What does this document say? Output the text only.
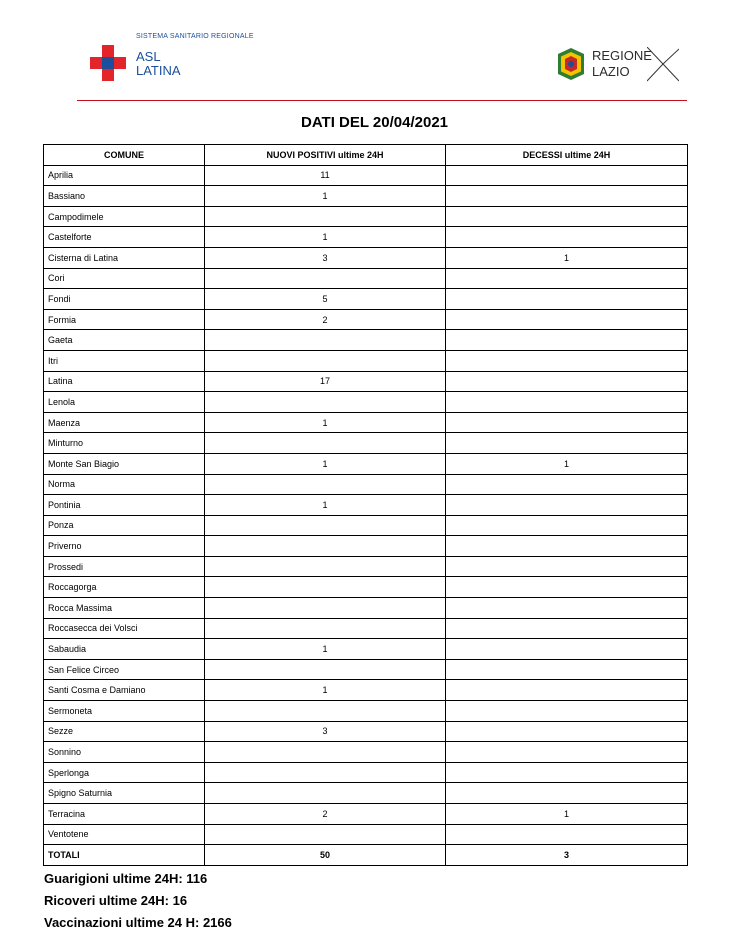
SISTEMA SANITARIO REGIONALE
ASL
LATINA
REGIONE
LAZIO
DATI DEL 20/04/2021
COMUNE	NUOVI POSITIVI ultime 24H	DECESSI ultime 24H
Aprilia	11	
Bassiano	1	
Campodimele		
Castelforte	1	
Cisterna di Latina	3	1
Cori		
Fondi	5	
Formia	2	
Gaeta		
Itri		
Latina	17	
Lenola		
Maenza	1	
Minturno		
Monte San Biagio	1	1
Norma		
Pontinia	1	
Ponza		
Priverno		
Prossedi		
Roccagorga		
Rocca Massima		
Roccasecca dei Volsci		
Sabaudia	1	
San Felice Circeo		
Santi Cosma e Damiano	1	
Sermoneta		
Sezze	3	
Sonnino		
Sperlonga		
Spigno Saturnia		
Terracina	2	1
Ventotene		
TOTALI	50	3
Guarigioni ultime 24H: 116
Ricoveri ultime 24H: 16
Vaccinazioni ultime 24 H: 2166
